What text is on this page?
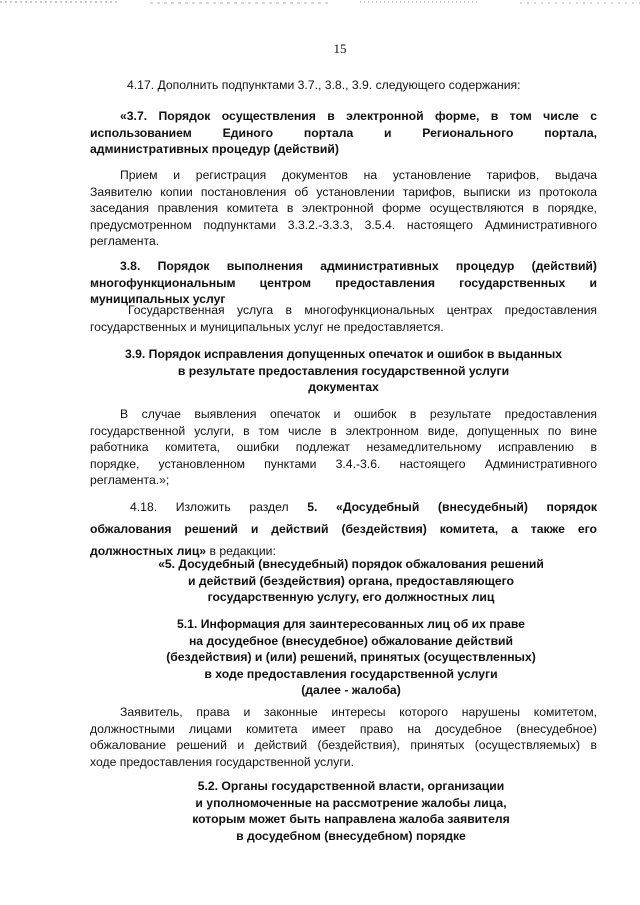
15
4.17. Дополнить подпунктами 3.7., 3.8., 3.9. следующего содержания:
«3.7. Порядок осуществления в электронной форме, в том числе с
использованием Единого портала и Регионального портала,
административных процедур (действий)
Прием и регистрация документов на установление тарифов, выдача
Заявителю копии постановления об установлении тарифов, выписки из протокола
заседания правления комитета в электронной форме осуществляются в порядке,
предусмотренном подпунктами 3.3.2.-3.3.3, 3.5.4. настоящего Административного
регламента.
3.8. Порядок выполнения административных процедур (действий)
многофункциональным центром предоставления государственных и
муниципальных услуг
Государственная услуга в многофункциональных центрах предоставления
государственных и муниципальных услуг не предоставляется.
3.9. Порядок исправления допущенных опечаток и ошибок в выданных
в результате предоставления государственной услуги
документах
В случае выявления опечаток и ошибок в результате предоставления
государственной услуги, в том числе в электронном виде, допущенных по вине
работника комитета, ошибки подлежат незамедлительному исправлению в
порядке, установленном пунктами 3.4.-3.6. настоящего Административного
регламента.»;
4.18. Изложить раздел 5. «Досудебный (внесудебный) порядок
обжалования решений и действий (бездействия) комитета, а также его
должностных лиц» в редакции:
«5. Досудебный (внесудебный) порядок обжалования решений
и действий (бездействия) органа, предоставляющего
государственную услугу, его должностных лиц
5.1. Информация для заинтересованных лиц об их праве
на досудебное (внесудебное) обжалование действий
(бездействия) и (или) решений, принятых (осуществленных)
в ходе предоставления государственной услуги
(далее - жалоба)
Заявитель, права и законные интересы которого нарушены комитетом,
должностными лицами комитета имеет право на досудебное (внесудебное)
обжалование решений и действий (бездействия), принятых (осуществляемых) в
ходе предоставления государственной услуги.
5.2. Органы государственной власти, организации
и уполномоченные на рассмотрение жалобы лица,
которым может быть направлена жалоба заявителя
в досудебном (внесудебном) порядке
